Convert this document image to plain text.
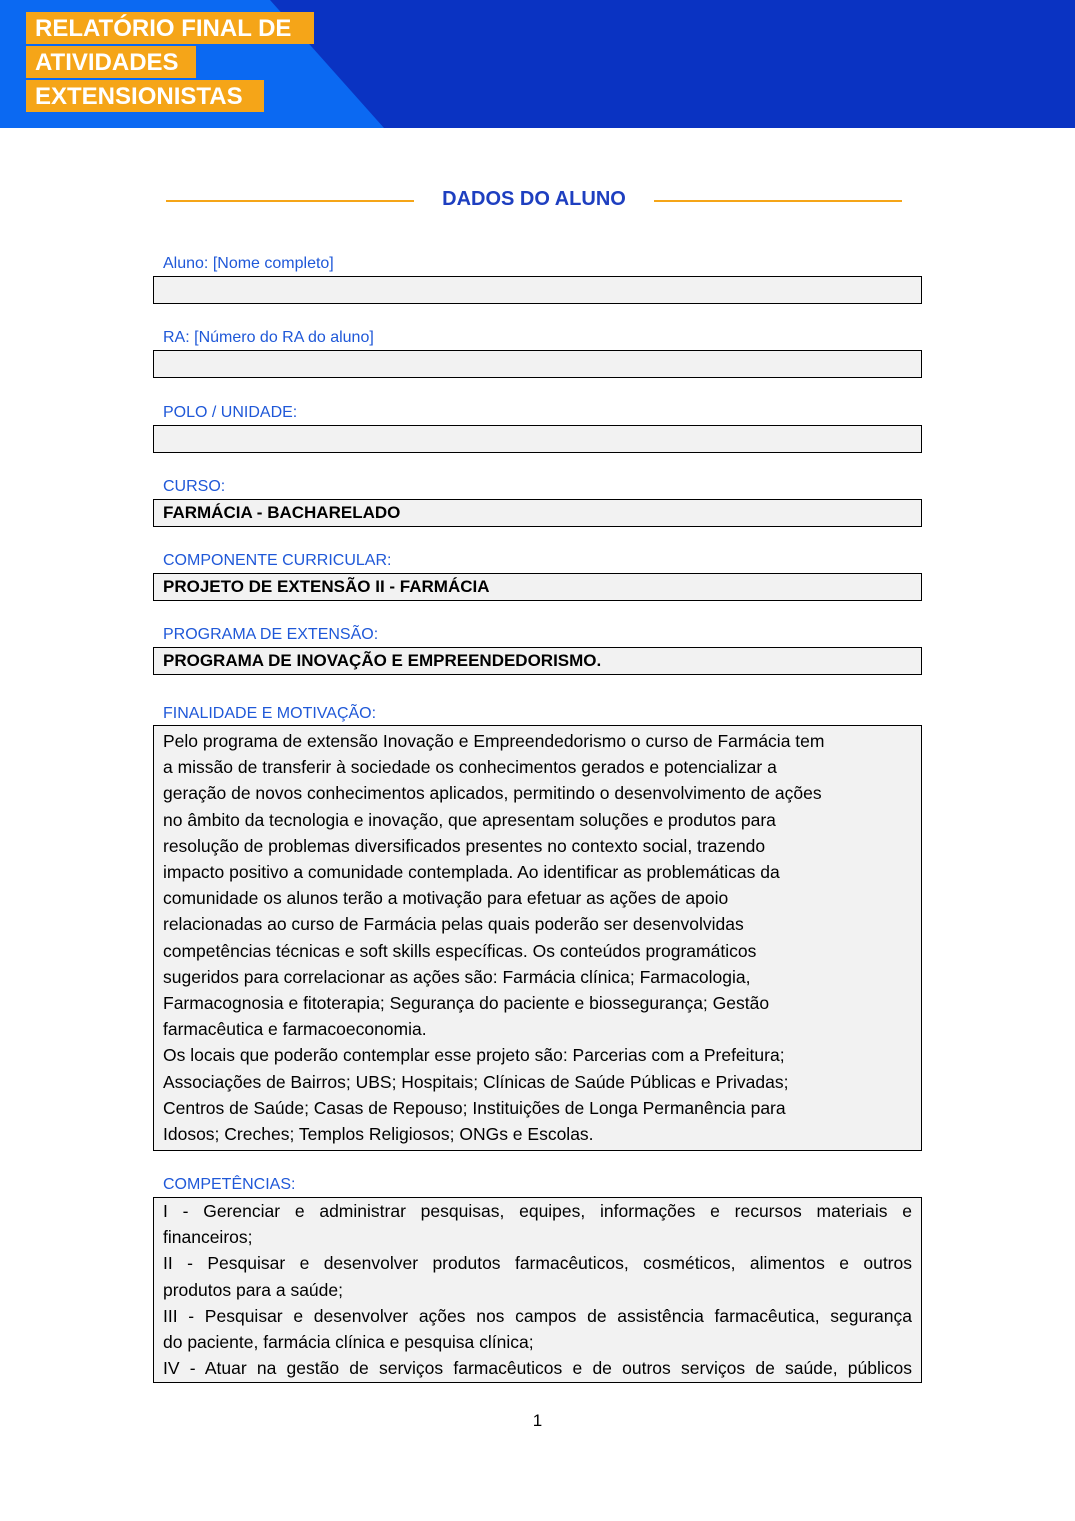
RELATÓRIO FINAL DE
ATIVIDADES
EXTENSIONISTAS
DADOS DO ALUNO
Aluno: [Nome completo]
RA: [Número do RA do aluno]
POLO / UNIDADE:
CURSO:
FARMÁCIA - BACHARELADO
COMPONENTE CURRICULAR:
PROJETO DE EXTENSÃO II - FARMÁCIA
PROGRAMA DE EXTENSÃO:
PROGRAMA DE INOVAÇÃO E EMPREENDEDORISMO.
FINALIDADE E MOTIVAÇÃO:
Pelo programa de extensão Inovação e Empreendedorismo o curso de Farmácia tem
a missão de transferir à sociedade os conhecimentos gerados e potencializar a
geração de novos conhecimentos aplicados, permitindo o desenvolvimento de ações
no âmbito da tecnologia e inovação, que apresentam soluções e produtos para
resolução de problemas diversificados presentes no contexto social, trazendo
impacto positivo a comunidade contemplada. Ao identificar as problemáticas da
comunidade os alunos terão a motivação para efetuar as ações de apoio
relacionadas ao curso de Farmácia pelas quais poderão ser desenvolvidas
competências técnicas e soft skills específicas. Os conteúdos programáticos
sugeridos para correlacionar as ações são: Farmácia clínica; Farmacologia,
Farmacognosia e fitoterapia; Segurança do paciente e biossegurança; Gestão
farmacêutica e farmacoeconomia.
Os locais que poderão contemplar esse projeto são: Parcerias com a Prefeitura;
Associações de Bairros; UBS; Hospitais; Clínicas de Saúde Públicas e Privadas;
Centros de Saúde; Casas de Repouso; Instituições de Longa Permanência para
Idosos; Creches; Templos Religiosos; ONGs e Escolas.
COMPETÊNCIAS:
I - Gerenciar e administrar pesquisas, equipes, informações e recursos materiais e
financeiros;
II - Pesquisar e desenvolver produtos farmacêuticos, cosméticos, alimentos e outros
produtos para a saúde;
III - Pesquisar e desenvolver ações nos campos de assistência farmacêutica, segurança
do paciente, farmácia clínica e pesquisa clínica;
IV - Atuar na gestão de serviços farmacêuticos e de outros serviços de saúde, públicos
1
